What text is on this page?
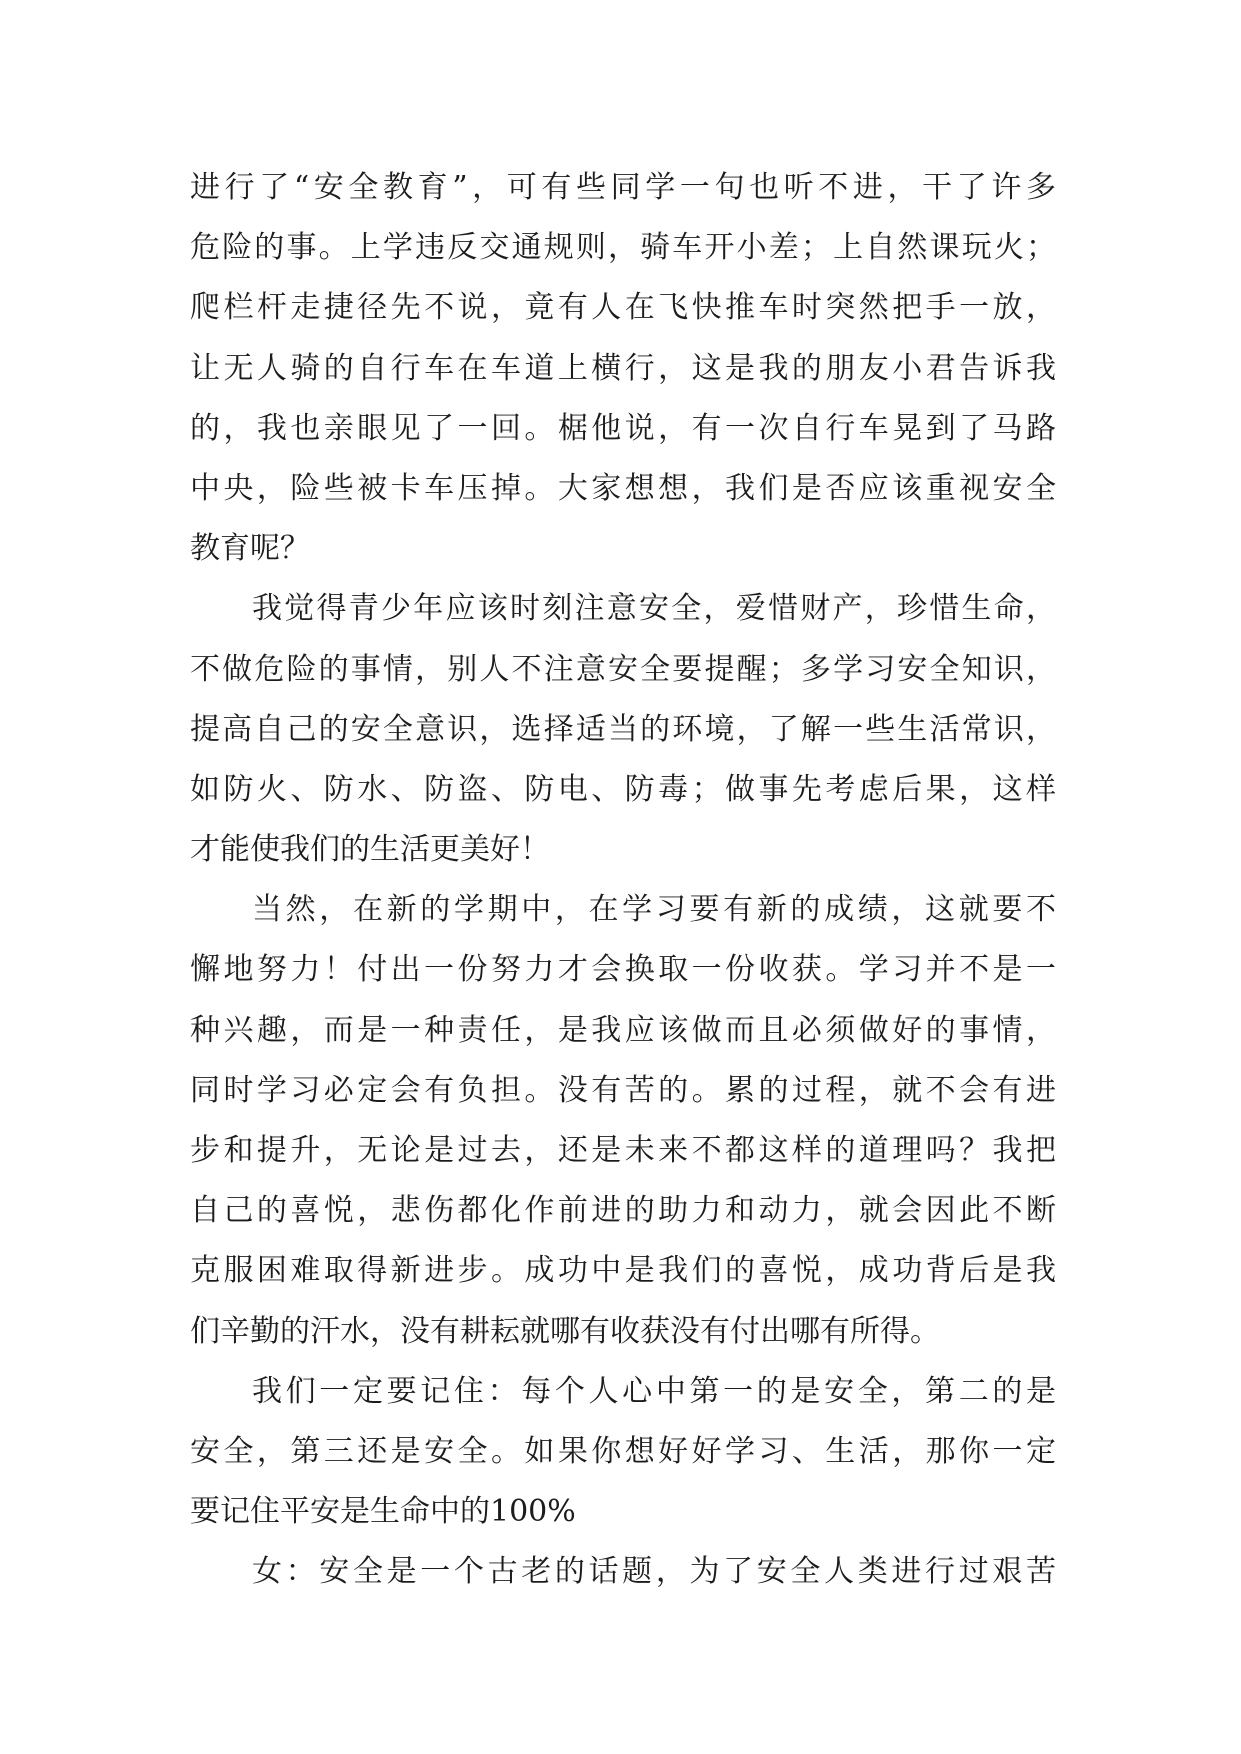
进行了“安全教育”，可有些同学一句也听不进，干了许多
危险的事。上学违反交通规则，骑车开小差；上自然课玩火；
爬栏杆走捷径先不说，竟有人在飞快推车时突然把手一放，
让无人骑的自行车在车道上横行，这是我的朋友小君告诉我
的，我也亲眼见了一回。椐他说，有一次自行车晃到了马路
中央，险些被卡车压掉。大家想想，我们是否应该重视安全
教育呢？
我觉得青少年应该时刻注意安全，爱惜财产，珍惜生命，
不做危险的事情，别人不注意安全要提醒；多学习安全知识，
提高自己的安全意识，选择适当的环境，了解一些生活常识，
如防火、防水、防盗、防电、防毒；做事先考虑后果，这样
才能使我们的生活更美好！
当然，在新的学期中，在学习要有新的成绩，这就要不
懈地努力！付出一份努力才会换取一份收获。学习并不是一
种兴趣，而是一种责任，是我应该做而且必须做好的事情，
同时学习必定会有负担。没有苦的。累的过程，就不会有进
步和提升，无论是过去，还是未来不都这样的道理吗？我把
自己的喜悦，悲伤都化作前进的助力和动力，就会因此不断
克服困难取得新进步。成功中是我们的喜悦，成功背后是我
们辛勤的汗水，没有耕耘就哪有收获没有付出哪有所得。
我们一定要记住：每个人心中第一的是安全，第二的是
安全，第三还是安全。如果你想好好学习、生活，那你一定
要记住平安是生命中的100%
女：安全是一个古老的话题，为了安全人类进行过艰苦
